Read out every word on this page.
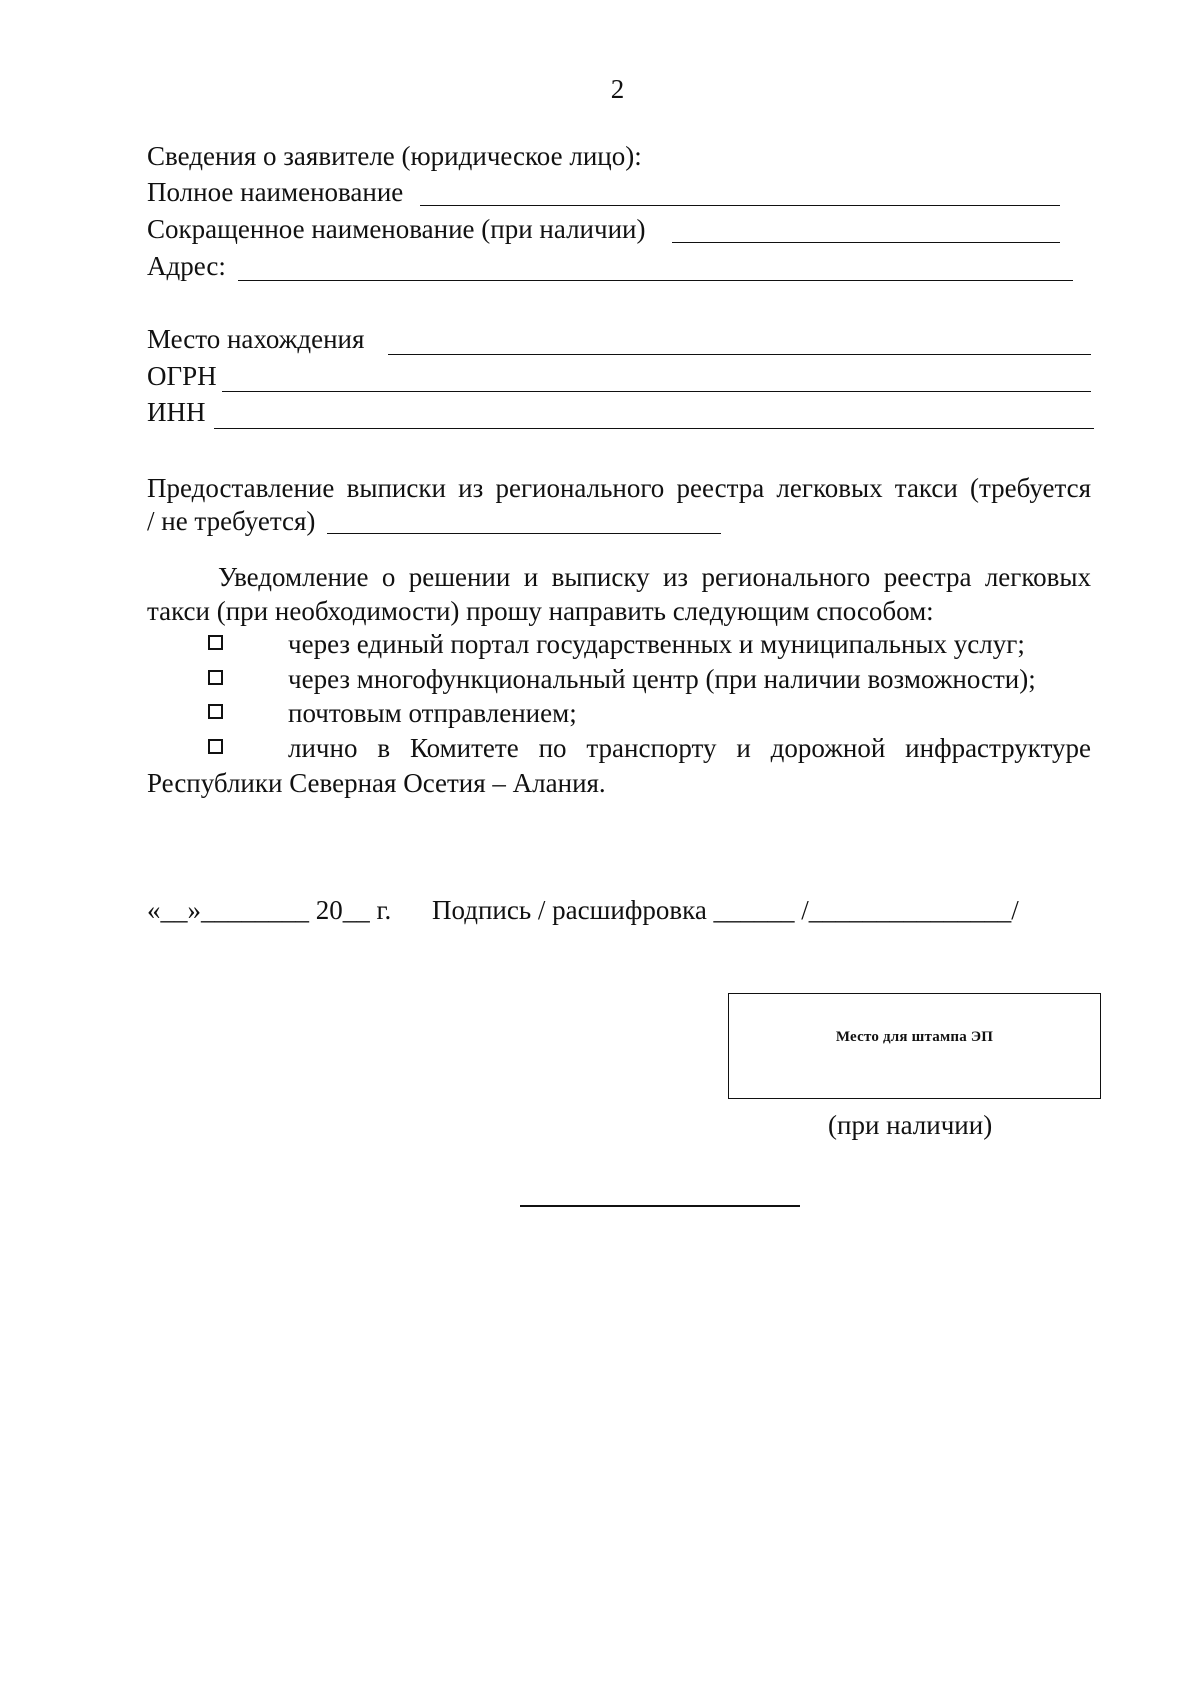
2
Сведения о заявителе (юридическое лицо):
Полное наименование
Сокращенное наименование (при наличии)
Адрес:
Место нахождения
ОГРН
ИНН
Предоставление выписки из регионального реестра легковых такси (требуется
/ не требуется)
Уведомление о решении и выписку из регионального реестра легковых
такси (при необходимости) прошу направить следующим способом:
через единый портал государственных и муниципальных услуг;
через многофункциональный центр (при наличии возможности);
почтовым отправлением;
лично в Комитете по транспорту и дорожной инфраструктуре
Республики Северная Осетия – Алания.
«__»________ 20__ г. Подпись / расшифровка ______ /_______________/
Место для штампа ЭП
(при наличии)
